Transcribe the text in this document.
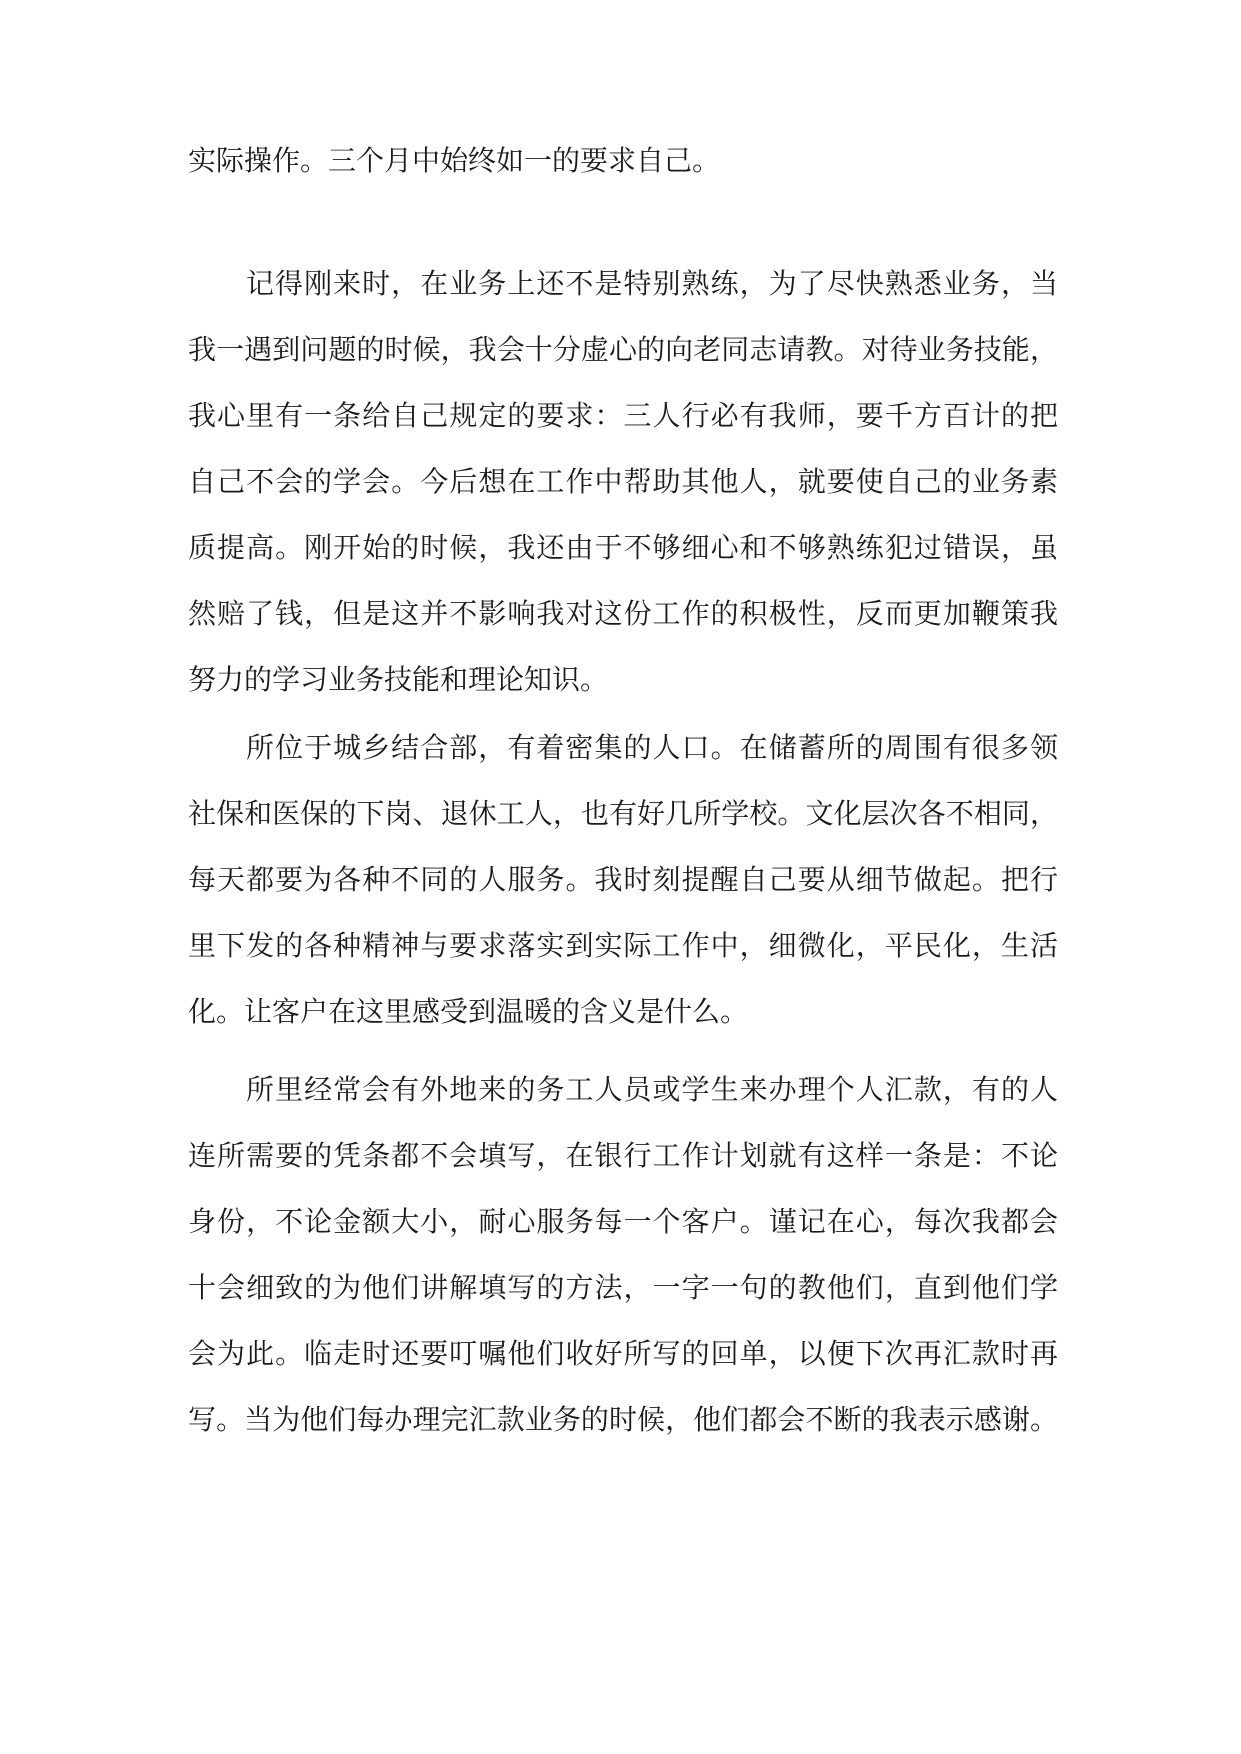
实际操作。三个月中始终如一的要求自己。
记得刚来时，在业务上还不是特别熟练，为了尽快熟悉业务，当
我一遇到问题的时候，我会十分虚心的向老同志请教。对待业务技能，
我心里有一条给自己规定的要求：三人行必有我师，要千方百计的把
自己不会的学会。今后想在工作中帮助其他人，就要使自己的业务素
质提高。刚开始的时候，我还由于不够细心和不够熟练犯过错误，虽
然赔了钱，但是这并不影响我对这份工作的积极性，反而更加鞭策我
努力的学习业务技能和理论知识。
所位于城乡结合部，有着密集的人口。在储蓄所的周围有很多领
社保和医保的下岗、退休工人，也有好几所学校。文化层次各不相同，
每天都要为各种不同的人服务。我时刻提醒自己要从细节做起。把行
里下发的各种精神与要求落实到实际工作中，细微化，平民化，生活
化。让客户在这里感受到温暖的含义是什么。
所里经常会有外地来的务工人员或学生来办理个人汇款，有的人
连所需要的凭条都不会填写，在银行工作计划就有这样一条是：不论
身份，不论金额大小，耐心服务每一个客户。谨记在心，每次我都会
十会细致的为他们讲解填写的方法，一字一句的教他们，直到他们学
会为此。临走时还要叮嘱他们收好所写的回单，以便下次再汇款时再
写。当为他们每办理完汇款业务的时候，他们都会不断的我表示感谢。
